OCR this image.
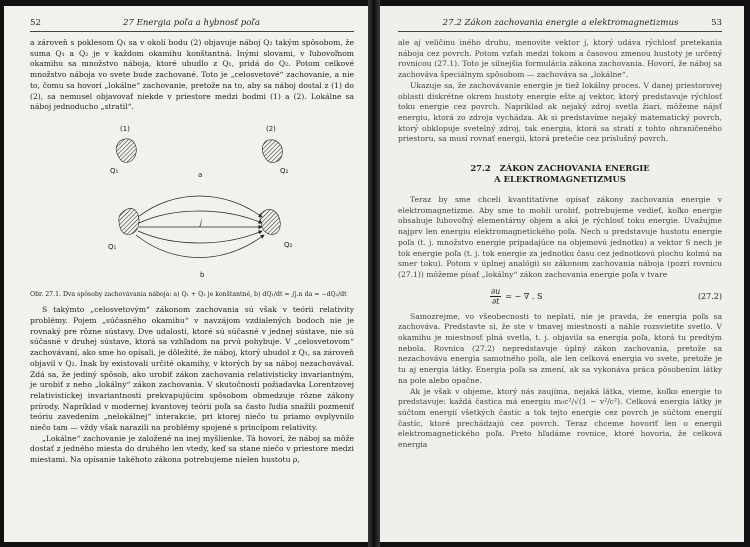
52	27 Energia poľa a hybnosť poľa

a zároveň s poklesom Q₁ sa v okolí bodu (2) objavuje náboj Q₂ takým spôsobom, že suma Q₁ a Q₂ je v každom okamihu konštantná. Inými slovami, v ľubovoľnom okamihu sa množstvo náboja, ktoré ubudlo z Q₁, pridá do Q₂. Potom celkové množstvo náboja vo svete bude zachované. Toto je „celosvetové“ zachovanie, a nie to, čomu sa hovorí „lokálne“ zachovanie, pretože na to, aby sa náboj dostal z (1) do (2), sa nemusel objavovať niekde v priestore medzi bodmi (1) a (2). Lokálne sa náboj jednoducho „stratil“.

(1)	(2)
Q₁	Q₂
a
j
Q₁	Q₂
b

Obr. 27.1. Dva spôsoby zachovávania náboja: a) Q₁ + Q₂ je konštantné, b) dQ₁/dt = ∫j.n da = −dQ₂/dt

S takýmto „celosvetovým“ zákonom zachovania sú však v teórii relativity problémy. Pojem „súčasného okamihu“ v navzájom vzdialených bodoch nie je rovnaký pre rôzne sústavy. Dve udalosti, ktoré sú súčasné v jednej sústave, nie sú súčasné v druhej sústave, ktorá sa vzhľadom na prvú pohybuje. V „celosvetovom“ zachovávaní, ako sme ho opísali, je dôležité, že náboj, ktorý ubudol z Q₁, sa zároveň objavil v Q₂. Inak by existovali určité okamihy, v ktorých by sa náboj nezachovával. Zdá sa, že jediný spôsob, ako urobiť zákon zachovania relativisticky invariantným, je urobiť z neho „lokálny“ zákon zachovania. V skutočnosti požiadavka Lorentzovej relativistickej invariantnosti prekvapujúcim spôsobom obmedzuje rôzne zákony prírody. Napríklad v modernej kvantovej teórii poľa sa často ľudia snažili pozmeniť teóriu zavedením „nelokálnej“ interakcie, pri ktorej niečo tu priamo ovplyvnilo niečo tam — vždy však narazili na problémy spojené s princípom relativity.

„Lokálne“ zachovanie je založené na inej myšlienke. Tá hovorí, že náboj sa môže dostať z jedného miesta do druhého len vtedy, keď sa stane niečo v priestore medzi miestami. Na opísanie takéhoto zákona potrebujeme nielen hustotu ρ,

27.2 Zákon zachovania energie a elektromagnetizmus	53

ale aj veličinu iného druhu, menovite vektor j, ktorý udáva rýchlosť pretekania náboja cez povrch. Potom vzťah medzi tokom a časovou zmenou hustoty je určený rovnicou (27.1). Toto je silnejšia formulácia zákona zachovania. Hovorí, že náboj sa zachováva špeciálnym spôsobom — zachováva sa „lokálne“.

Ukazuje sa, že zachovávanie energie je tiež lokálny proces. V danej priestorovej oblasti diskrétne okrem hustoty energie ešte aj vektor, ktorý predstavuje rýchlosť toku energie cez povrch. Napríklad ak nejaký zdroj svetla žiari, môžeme nájsť energiu, ktorá zo zdroja vychádza. Ak si predstavíme nejaký matematický povrch, ktorý obklopuje svetelný zdroj, tak energia, ktorá sa stratí z tohto ohraničeného priestoru, sa musí rovnať energii, ktorá pretečie cez príslušný povrch.

27.2 ZÁKON ZACHOVANIA ENERGIE
A ELEKTROMAGNETIZMUS

Teraz by sme chceli kvantitatívne opísať zákony zachovania energie v elektromagnetizme. Aby sme to mohli urobiť, potrebujeme vedieť, koľko energie obsahuje ľubovoľný elementárny objem a aká je rýchlosť toku energie. Uvažujme najprv len energiu elektromagnetického poľa. Nech u predstavuje hustotu energie poľa (t. j. množstvo energie pripadajúce na objemovú jednotku) a vektor S nech je tok energie poľa (t. j. tok energie za jednotku času cez jednotkovú plochu kolmú na smer toku). Potom v úplnej analógii so zákonom zachovania náboja (pozri rovnicu (27.1)) môžeme písať „lokálny“ zákon zachovania energie poľa v tvare

$\frac{\partial u}{\partial t}$ = − ∇ . S	(27.2)

Samozrejme, vo všeobecnosti to neplatí, nie je pravda, že energia poľa sa zachováva. Predstavte si, že ste v tmavej miestnosti a náhle rozsvietite svetlo. V okamihu je miestnosť plná svetla, t. j. objavila sa energia poľa, ktorá tu predtým nebola. Rovnica (27.2) nepredstavuje úplný zákon zachovania, pretože sa nezachováva energia samotného poľa, ale len celková energia vo svete, pretože je tu aj energia látky. Energia poľa sa zmení, ak sa vykonáva práca pôsobením látky na pole alebo opačne.

Ak je však v objeme, ktorý nás zaujíma, nejaká látka, vieme, koľko energie to predstavuje: každá častica má energiu m₀c²/√(1 − v²/c²). Celková energia látky je súčtom energií všetkých častíc a tok tejto energie cez povrch je súčtom energií častíc, ktoré prechádzajú cez povrch. Teraz chceme hovoriť len o energii elektromagnetického poľa. Preto hľadáme rovnice, ktoré hovoria, že celková energia
